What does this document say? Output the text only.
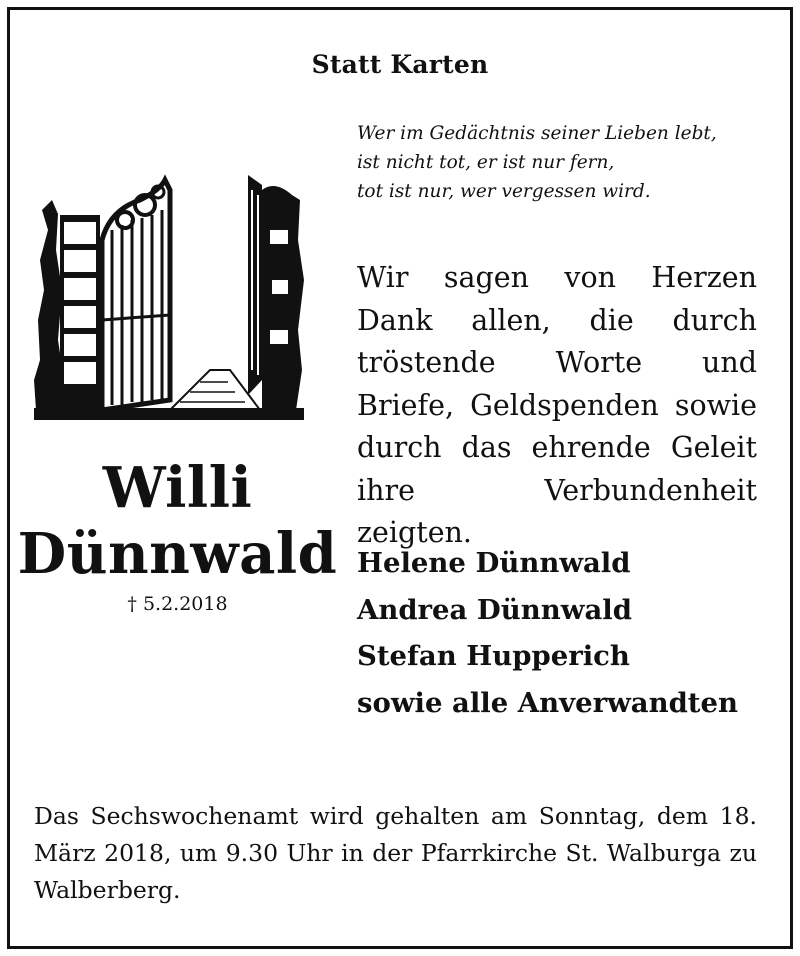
Statt Karten
Wer im Gedächtnis seiner Lieben lebt,
ist nicht tot, er ist nur fern,
tot ist nur, wer vergessen wird.
Wir sagen von Herzen Dank allen, die durch tröstende Worte und Briefe, Geldspenden sowie durch das ehrende Geleit ihre Verbundenheit zeigten.
Willi
Dünnwald
† 5.2.2018
Helene Dünnwald
Andrea Dünnwald
Stefan Hupperich
sowie alle Anverwandten
Das Sechswochenamt wird gehalten am Sonntag, dem 18. März 2018, um 9.30 Uhr in der Pfarrkirche St. Walburga zu Walberberg.
